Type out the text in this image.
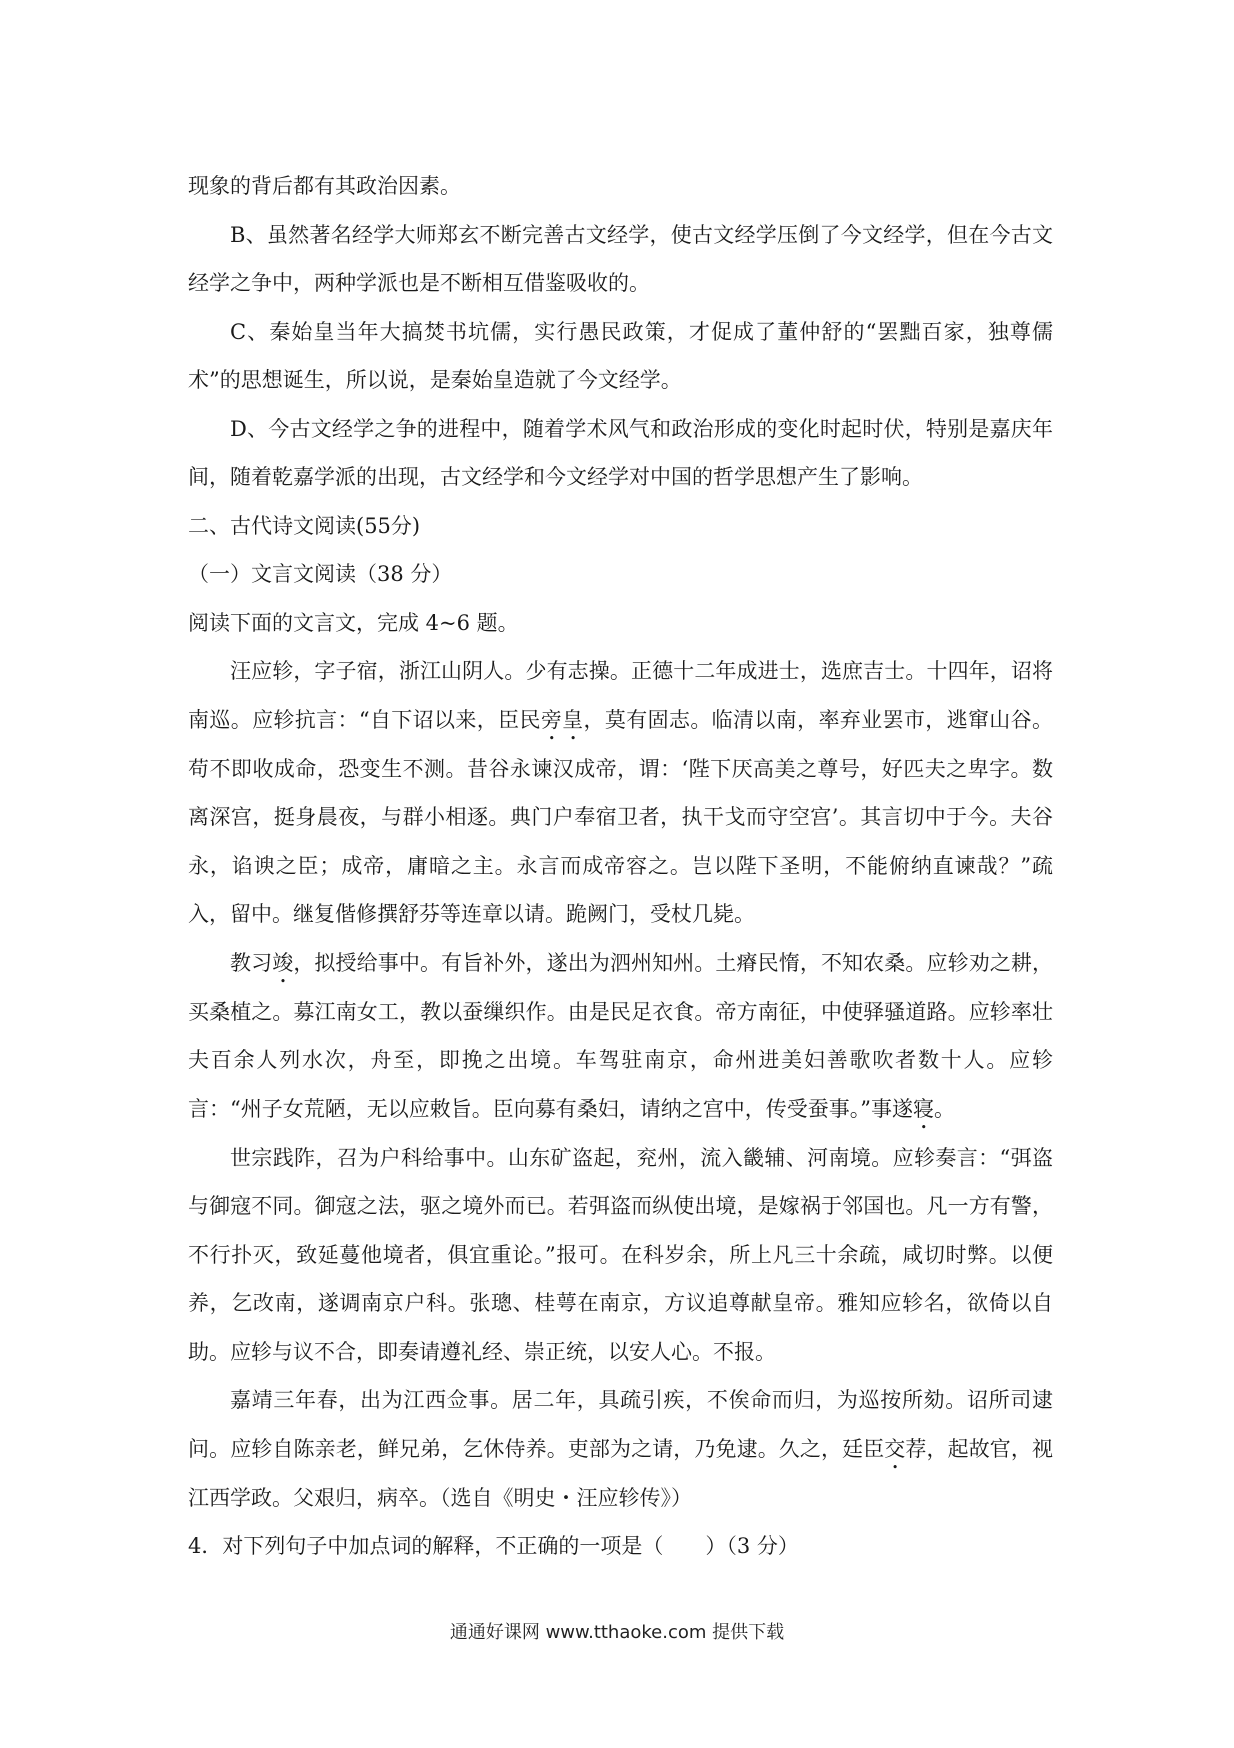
现象的背后都有其政治因素。

B、虽然著名经学大师郑玄不断完善古文经学，使古文经学压倒了今文经学，但在今古文经学之争中，两种学派也是不断相互借鉴吸收的。

C、秦始皇当年大搞焚书坑儒，实行愚民政策，才促成了董仲舒的“罢黜百家，独尊儒术”的思想诞生，所以说，是秦始皇造就了今文经学。

D、今古文经学之争的进程中，随着学术风气和政治形成的变化时起时伏，特别是嘉庆年间，随着乾嘉学派的出现，古文经学和今文经学对中国的哲学思想产生了影响。

二、古代诗文阅读(55分)

（一）文言文阅读（38 分）

阅读下面的文言文，完成 4~6 题。

汪应轸，字子宿，浙江山阴人。少有志操。正德十二年成进士，选庶吉士。十四年，诏将南巡。应轸抗言：“自下诏以来，臣民旁皇，莫有固志。临清以南，率弃业罢市，逃窜山谷。苟不即收成命，恐变生不测。昔谷永谏汉成帝，谓：‘陛下厌高美之尊号，好匹夫之卑字。数离深宫，挺身晨夜，与群小相逐。典门户奉宿卫者，执干戈而守空宫’。其言切中于今。夫谷永，谄谀之臣；成帝，庸暗之主。永言而成帝容之。岂以陛下圣明，不能俯纳直谏哉？”疏入，留中。继复偕修撰舒芬等连章以请。跪阙门，受杖几毙。

教习竣，拟授给事中。有旨补外，遂出为泗州知州。土瘠民惰，不知农桑。应轸劝之耕，买桑植之。募江南女工，教以蚕缫织作。由是民足衣食。帝方南征，中使驿骚道路。应轸率壮夫百余人列水次，舟至，即挽之出境。车驾驻南京，命州进美妇善歌吹者数十人。应轸言：“州子女荒陋，无以应敕旨。臣向募有桑妇，请纳之宫中，传受蚕事。”事遂寝。

世宗践阼，召为户科给事中。山东矿盗起，兖州，流入畿辅、河南境。应轸奏言：“弭盗与御寇不同。御寇之法，驱之境外而已。若弭盗而纵使出境，是嫁祸于邻国也。凡一方有警，不行扑灭，致延蔓他境者，俱宜重论。”报可。在科岁余，所上凡三十余疏，咸切时弊。以便养，乞改南，遂调南京户科。张璁、桂萼在南京，方议追尊献皇帝。雅知应轸名，欲倚以自助。应轸与议不合，即奏请遵礼经、崇正统，以安人心。不报。

嘉靖三年春，出为江西佥事。居二年，具疏引疾，不俟命而归，为巡按所劾。诏所司逮问。应轸自陈亲老，鲜兄弟，乞休侍养。吏部为之请，乃免逮。久之，廷臣交荐，起故官，视江西学政。父艰归，病卒。（选自《明史・汪应轸传》）

4．对下列句子中加点词的解释，不正确的一项是（　　）（3 分）

通通好课网 www.tthaoke.com 提供下载
